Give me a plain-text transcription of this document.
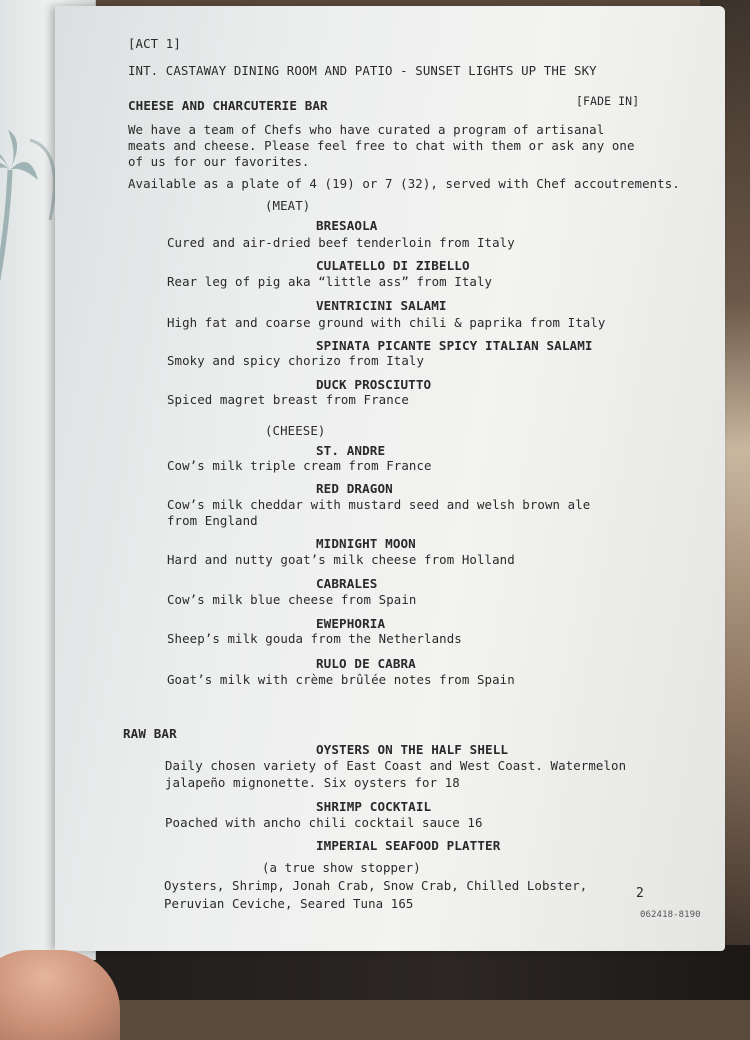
[ACT 1]
INT. CASTAWAY DINING ROOM AND PATIO - SUNSET LIGHTS UP THE SKY
[FADE IN]
CHEESE AND CHARCUTERIE BAR
We have a team of Chefs who have curated a program of artisanal
meats and cheese. Please feel free to chat with them or ask any one
of us for our favorites.
Available as a plate of 4 (19) or 7 (32), served with Chef accoutrements.
(MEAT)
BRESAOLA
Cured and air-dried beef tenderloin from Italy
CULATELLO DI ZIBELLO
Rear leg of pig aka “little ass” from Italy
VENTRICINI SALAMI
High fat and coarse ground with chili & paprika from Italy
SPINATA PICANTE SPICY ITALIAN SALAMI
Smoky and spicy chorizo from Italy
DUCK PROSCIUTTO
Spiced magret breast from France
(CHEESE)
ST. ANDRE
Cow’s milk triple cream from France
RED DRAGON
Cow’s milk cheddar with mustard seed and welsh brown ale
from England
MIDNIGHT MOON
Hard and nutty goat’s milk cheese from Holland
CABRALES
Cow’s milk blue cheese from Spain
EWEPHORIA
Sheep’s milk gouda from the Netherlands
RULO DE CABRA
Goat’s milk with crème brûlée notes from Spain
RAW BAR
OYSTERS ON THE HALF SHELL
Daily chosen variety of East Coast and West Coast. Watermelon
jalapeño mignonette. Six oysters for 18
SHRIMP COCKTAIL
Poached with ancho chili cocktail sauce 16
IMPERIAL SEAFOOD PLATTER
(a true show stopper)
Oysters, Shrimp, Jonah Crab, Snow Crab, Chilled Lobster,
Peruvian Ceviche, Seared Tuna 165
2
062418-8190
